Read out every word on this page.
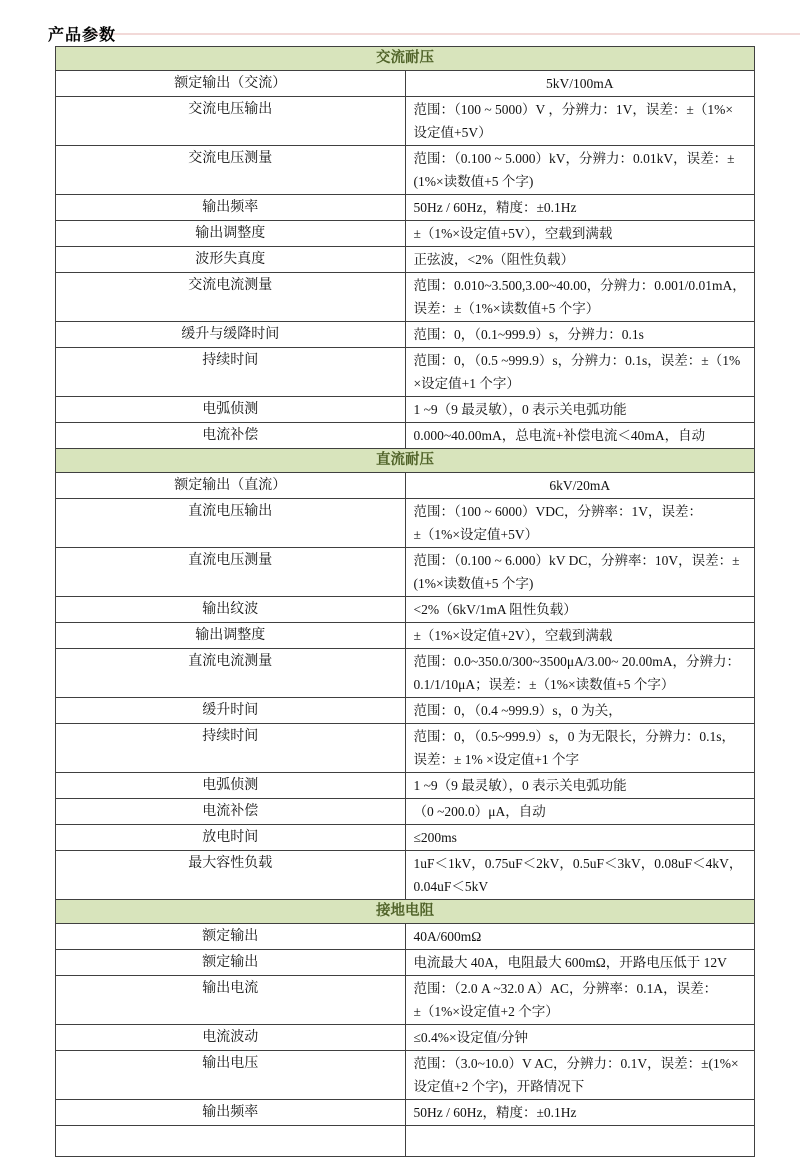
产品参数
交流耐压	
额定输出（交流）	5kV/100mA
交流电压输出	范围：（100 ~ 5000）V ，分辨力：1V，误差：±（1%×设定值+5V）
交流电压测量	范围：（0.100 ~ 5.000）kV，分辨力：0.01kV，误差：±(1%×读数值+5 个字)
输出频率	50Hz / 60Hz，精度：±0.1Hz
输出调整度	±（1%×设定值+5V），空载到满载
波形失真度	正弦波，<2%（阻性负载）
交流电流测量	范围：0.010~3.500,3.00~40.00，分辨力：0.001/0.01mA，误差：±（1%×读数值+5 个字）
缓升与缓降时间	范围：0，（0.1~999.9）s，分辨力：0.1s
持续时间	范围：0，（0.5 ~999.9）s，分辨力：0.1s，误差：±（1% ×设定值+1 个字）
电弧侦测	1 ~9（9 最灵敏），0 表示关电弧功能
电流补偿	0.000~40.00mA，总电流+补偿电流＜40mA，自动
直流耐压	
额定输出（直流）	6kV/20mA
直流电压输出	范围：（100 ~ 6000）VDC，分辨率：1V，误差：±（1%×设定值+5V）
直流电压测量	范围：（0.100 ~ 6.000）kV DC，分辨率：10V，误差：±(1%×读数值+5 个字)
输出纹波	<2%（6kV/1mA 阻性负载）
输出调整度	±（1%×设定值+2V），空载到满载
直流电流测量	范围：0.0~350.0/300~3500μA/3.00~ 20.00mA，分辨力：0.1/1/10μA；误差：±（1%×读数值+5 个字）
缓升时间	范围：0，（0.4 ~999.9）s，0 为关，
持续时间	范围：0，（0.5~999.9）s，0 为无限长，分辨力：0.1s，误差：± 1% ×设定值+1 个字
电弧侦测	1 ~9（9 最灵敏），0 表示关电弧功能
电流补偿	（0 ~200.0）μA，自动
放电时间	≤200ms
最大容性负载	1uF＜1kV，0.75uF＜2kV，0.5uF＜3kV，0.08uF＜4kV，0.04uF＜5kV
接地电阻	
额定输出	40A/600mΩ
额定输出	电流最大 40A，电阻最大 600mΩ，开路电压低于 12V
输出电流	范围：（2.0 A ~32.0 A）AC，分辨率：0.1A，误差：±（1%×设定值+2 个字）
电流波动	≤0.4%×设定值/分钟
输出电压	范围：（3.0~10.0）V AC，分辨力：0.1V，误差：±(1%×设定值+2 个字)，开路情况下
输出频率	50Hz / 60Hz，精度：±0.1Hz
